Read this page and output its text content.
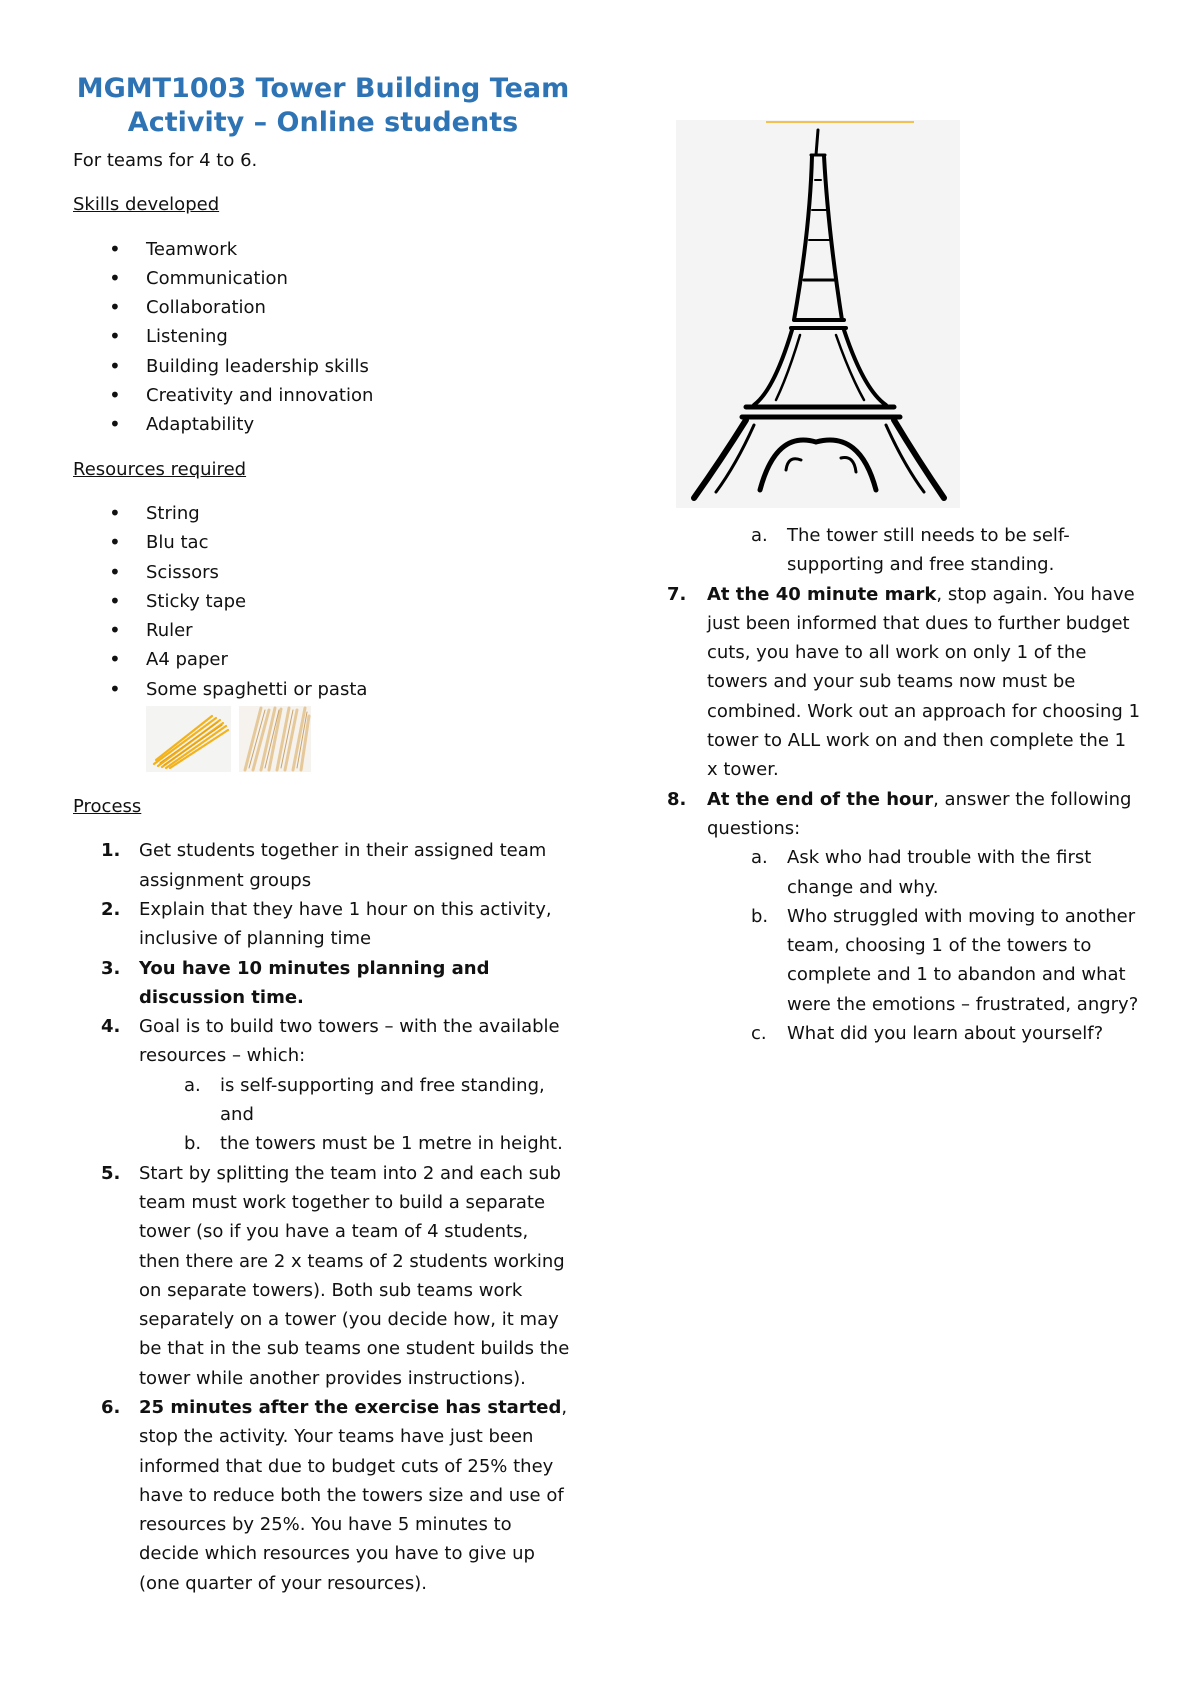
MGMT1003 Tower Building Team
Activity – Online students
For teams for 4 to 6.
Skills developed
• Teamwork
• Communication
• Collaboration
• Listening
• Building leadership skills
• Creativity and innovation
• Adaptability
Resources required
• String
• Blu tac
• Scissors
• Sticky tape
• Ruler
• A4 paper
• Some spaghetti or pasta
Process
1. Get students together in their assigned team assignment groups
2. Explain that they have 1 hour on this activity, inclusive of planning time
3. You have 10 minutes planning and discussion time.
4. Goal is to build two towers – with the available resources – which:
a.	is self-supporting and free standing, and
b.	the towers must be 1 metre in height.
5. Start by splitting the team into 2 and each sub team must work together to build a separate tower (so if you have a team of 4 students, then there are 2 x teams of 2 students working on separate towers). Both sub teams work separately on a tower (you decide how, it may be that in the sub teams one student builds the tower while another provides instructions).
6. 25 minutes after the exercise has started, stop the activity. Your teams have just been informed that due to budget cuts of 25% they have to reduce both the towers size and use of resources by 25%. You have 5 minutes to decide which resources you have to give up (one quarter of your resources).
a. The tower still needs to be self-supporting and free standing.
7. At the 40 minute mark, stop again. You have just been informed that dues to further budget cuts, you have to all work on only 1 of the towers and your sub teams now must be combined. Work out an approach for choosing 1 tower to ALL work on and then complete the 1 x tower.
8. At the end of the hour, answer the following questions:
a. Ask who had trouble with the first change and why.
b. Who struggled with moving to another team, choosing 1 of the towers to complete and 1 to abandon and what were the emotions – frustrated, angry?
c. What did you learn about yourself?
